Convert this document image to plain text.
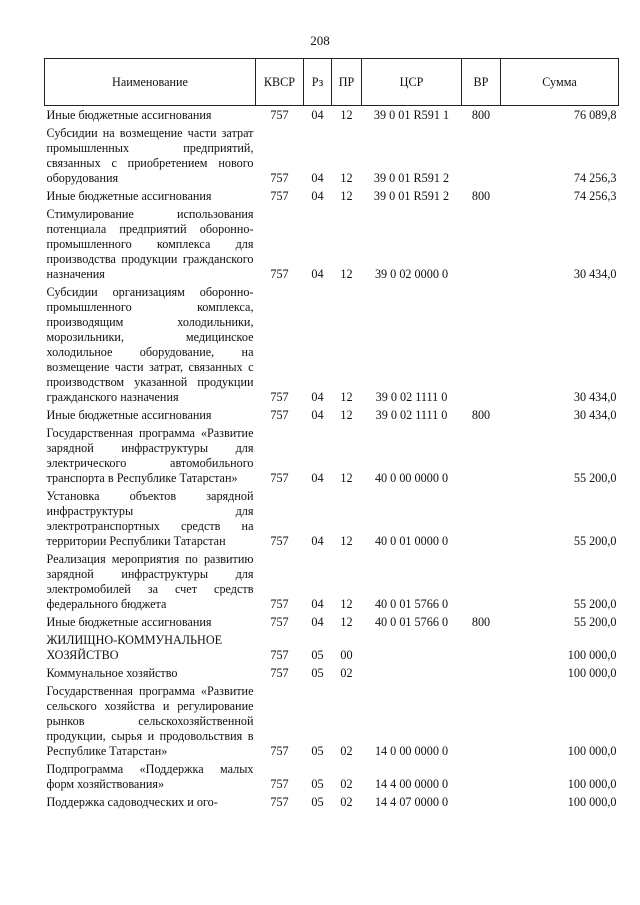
208
Наименование	КВСР	Рз	ПР	ЦСР	ВР	Сумма
Иные бюджетные ассигнования	757	04	12	39 0 01 R591 1	800	76 089,8
Субсидии на возмещение части затрат промышленных предприятий, связанных с приобретением нового оборудования	757	04	12	39 0 01 R591 2		74 256,3
Иные бюджетные ассигнования	757	04	12	39 0 01 R591 2	800	74 256,3
Стимулирование использования потенциала предприятий оборонно-промышленного комплекса для производства продукции гражданского назначения	757	04	12	39 0 02 0000 0		30 434,0
Субсидии организациям оборонно-промышленного комплекса, производящим холодильники, морозильники, медицинское холодильное оборудование, на возмещение части затрат, связанных с производством указанной продукции гражданского назначения	757	04	12	39 0 02 1111 0		30 434,0
Иные бюджетные ассигнования	757	04	12	39 0 02 1111 0	800	30 434,0
Государственная программа «Развитие зарядной инфраструктуры для электрического автомобильного транспорта в Республике Татарстан»	757	04	12	40 0 00 0000 0		55 200,0
Установка объектов зарядной инфраструктуры для электротранспортных средств на территории Республики Татарстан	757	04	12	40 0 01 0000 0		55 200,0
Реализация мероприятия по развитию зарядной инфраструктуры для электромобилей за счет средств федерального бюджета	757	04	12	40 0 01 5766 0		55 200,0
Иные бюджетные ассигнования	757	04	12	40 0 01 5766 0	800	55 200,0
ЖИЛИЩНО-КОММУНАЛЬНОЕ ХОЗЯЙСТВО	757	05	00			100 000,0
Коммунальное хозяйство	757	05	02			100 000,0
Государственная программа «Развитие сельского хозяйства и регулирование рынков сельскохозяйственной продукции, сырья и продовольствия в Республике Татарстан»	757	05	02	14 0 00 0000 0		100 000,0
Подпрограмма «Поддержка малых форм хозяйствования»	757	05	02	14 4 00 0000 0		100 000,0
Поддержка садоводческих и ого-	757	05	02	14 4 07 0000 0		100 000,0
